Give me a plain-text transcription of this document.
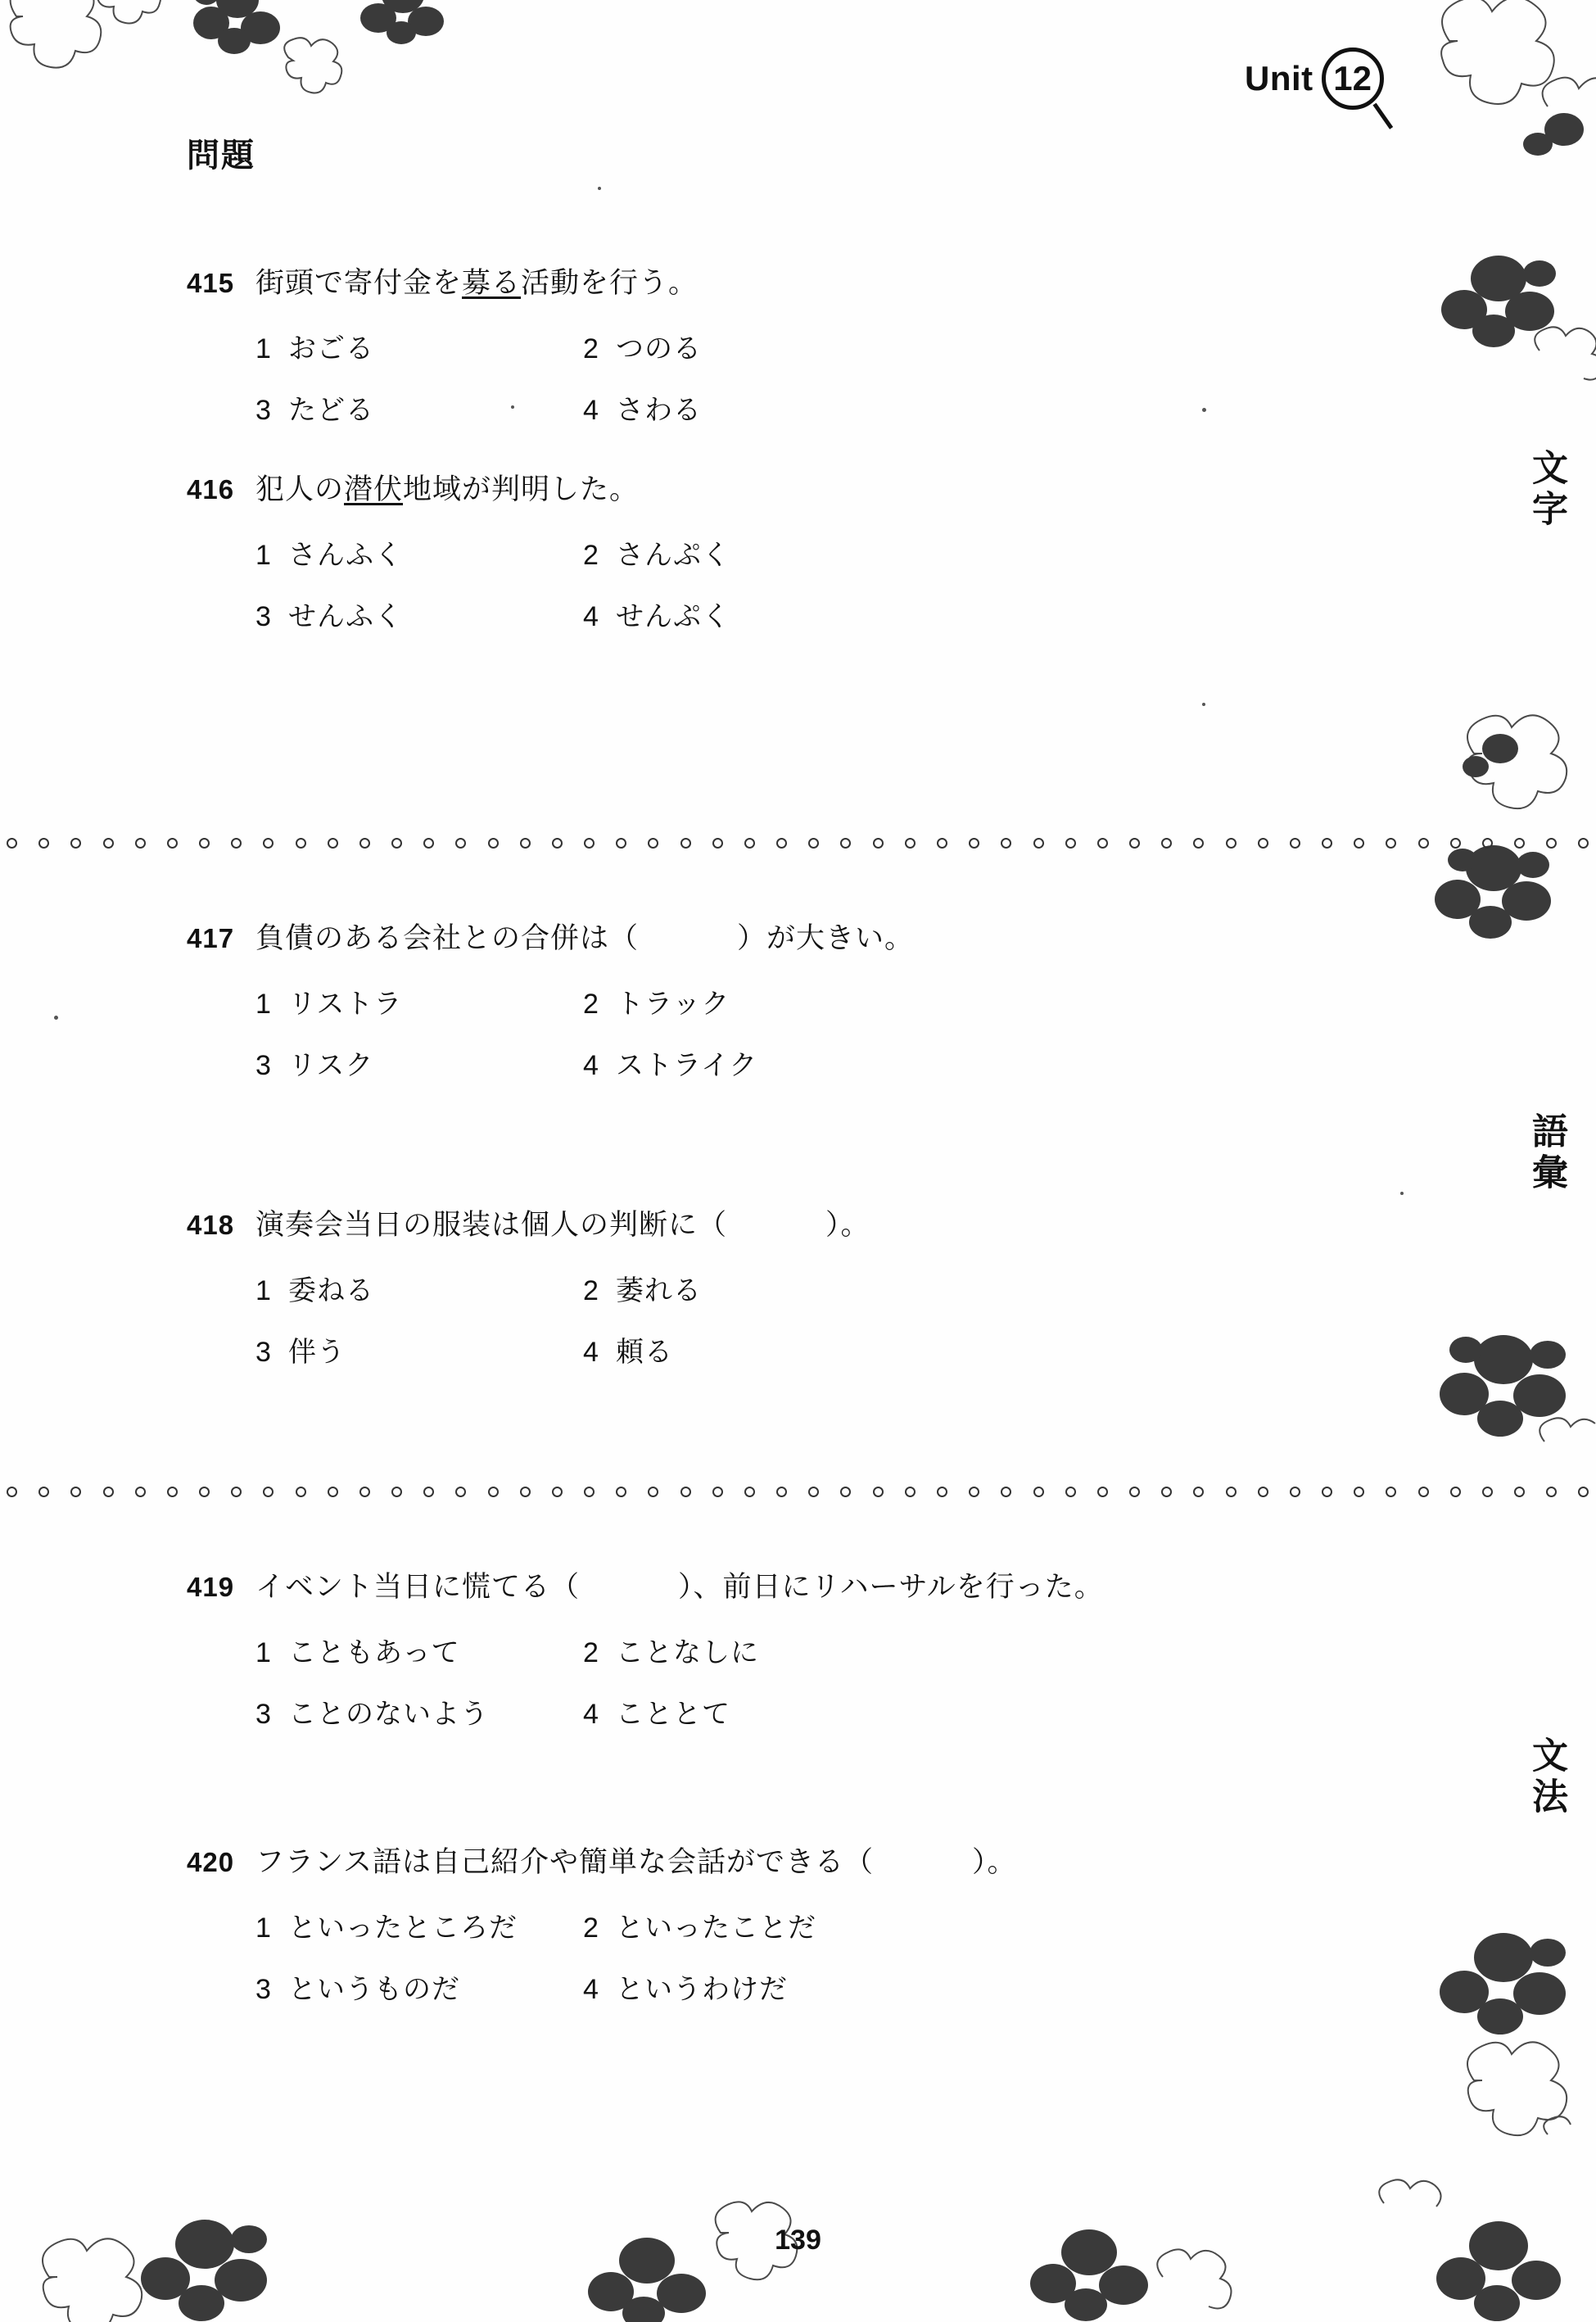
Unit 12
問題
文字
語彙
文法
415 街頭で寄付金を募る活動を行う。
1 おごる	2 つのる
3 たどる	4 さわる
416 犯人の潜伏地域が判明した。
1 さんふく	2 さんぷく
3 せんふく	4 せんぷく
417 負債のある会社との合併は（	）が大きい。
1 リストラ	2 トラック
3 リスク	4 ストライク
418 演奏会当日の服装は個人の判断に（	）。
1 委ねる	2 萎れる
3 伴う	4 頼る
419 イベント当日に慌てる（	）、前日にリハーサルを行った。
1 こともあって	2 ことなしに
3 ことのないよう	4 こととて
420 フランス語は自己紹介や簡単な会話ができる（	）。
1 といったところだ 2 といったことだ
3 というものだ	4 というわけだ
139
